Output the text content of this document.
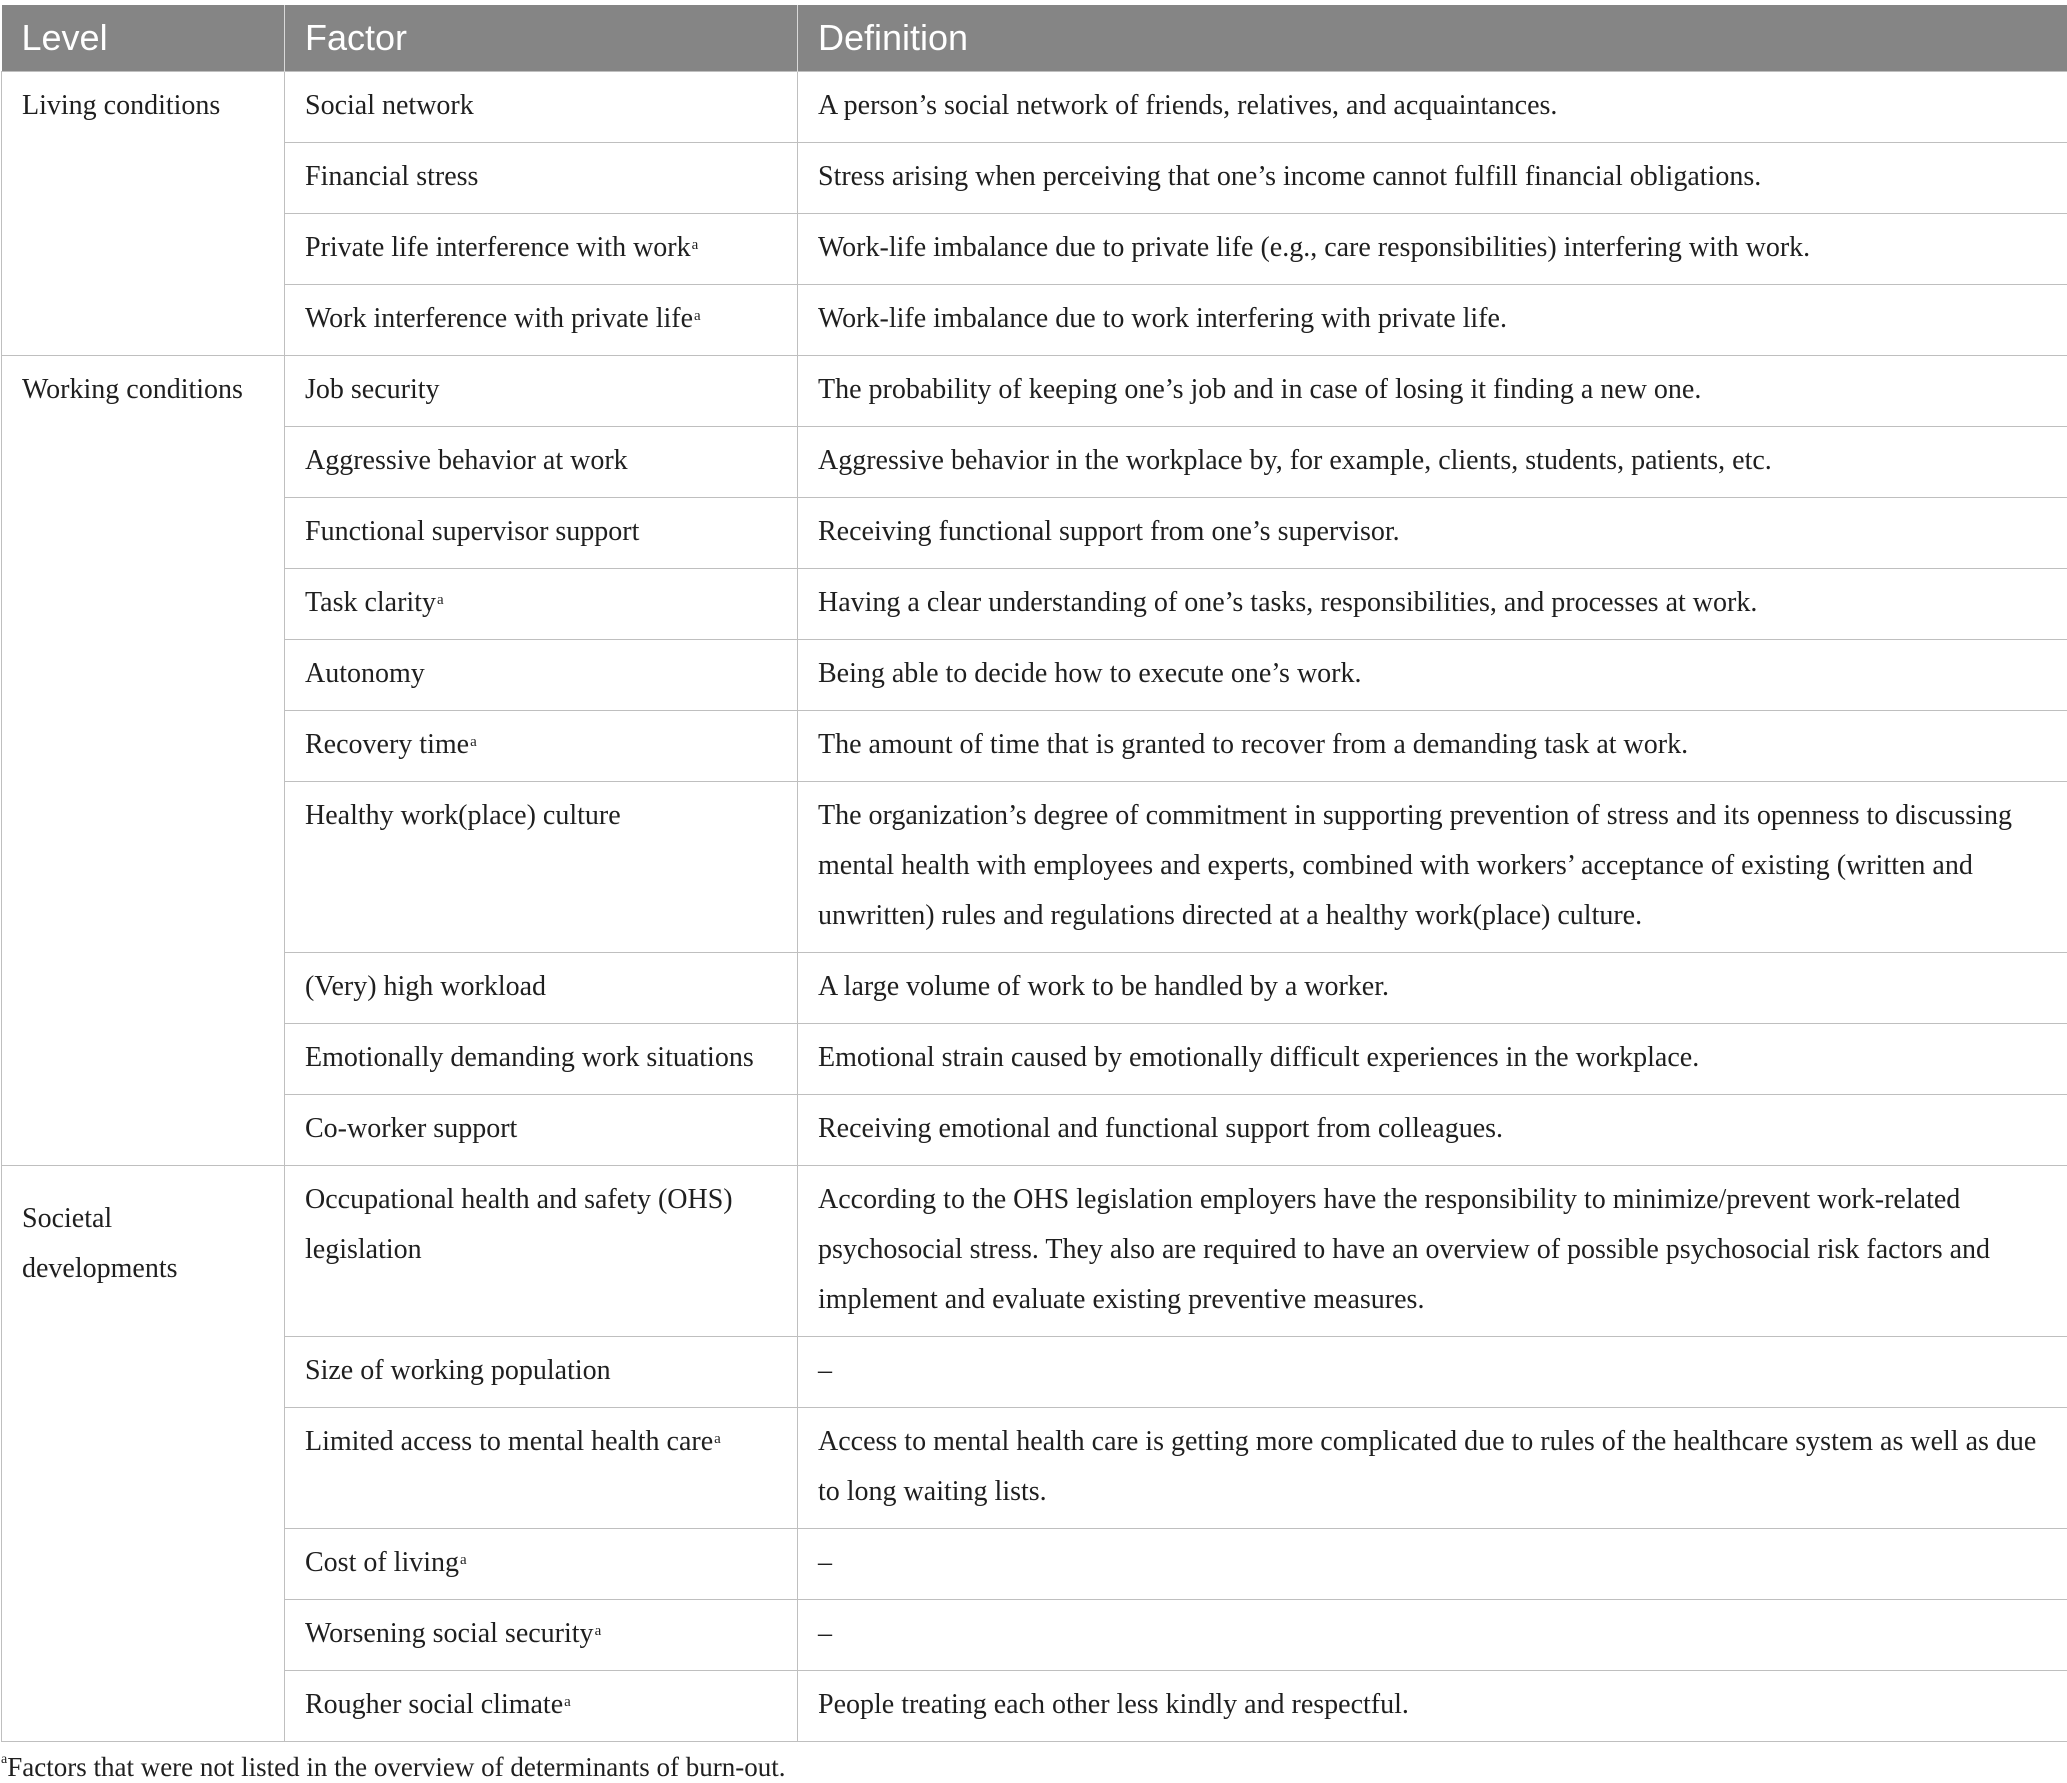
Level	Factor	Definition
Living conditions	Social network	A person’s social network of friends, relatives, and acquaintances.
	Financial stress	Stress arising when perceiving that one’s income cannot fulfill financial obligations.
	Private life interference with work$^a$	Work-life imbalance due to private life (e.g., care responsibilities) interfering with work.
	Work interference with private life$^a$	Work-life imbalance due to work interfering with private life.
Working conditions	Job security	The probability of keeping one’s job and in case of losing it finding a new one.
	Aggressive behavior at work	Aggressive behavior in the workplace by, for example, clients, students, patients, etc.
	Functional supervisor support	Receiving functional support from one’s supervisor.
	Task clarity$^a$	Having a clear understanding of one’s tasks, responsibilities, and processes at work.
	Autonomy	Being able to decide how to execute one’s work.
	Recovery time$^a$	The amount of time that is granted to recover from a demanding task at work.
	Healthy work(place) culture	The organization’s degree of commitment in supporting prevention of stress and its openness to discussing mental health with employees and experts, combined with workers’ acceptance of existing (written and unwritten) rules and regulations directed at a healthy work(place) culture.
	(Very) high workload	A large volume of work to be handled by a worker.
	Emotionally demanding work situations	Emotional strain caused by emotionally difficult experiences in the workplace.
	Co-worker support	Receiving emotional and functional support from colleagues.
Societal developments	Occupational health and safety (OHS) legislation	According to the OHS legislation employers have the responsibility to minimize/prevent work-related psychosocial stress. They also are required to have an overview of possible psychosocial risk factors and implement and evaluate existing preventive measures.
	Size of working population	–
	Limited access to mental health care$^a$	Access to mental health care is getting more complicated due to rules of the healthcare system as well as due to long waiting lists.
	Cost of living$^a$	–
	Worsening social security$^a$	–
	Rougher social climate$^a$	People treating each other less kindly and respectful.
$^a$Factors that were not listed in the overview of determinants of burn-out.
